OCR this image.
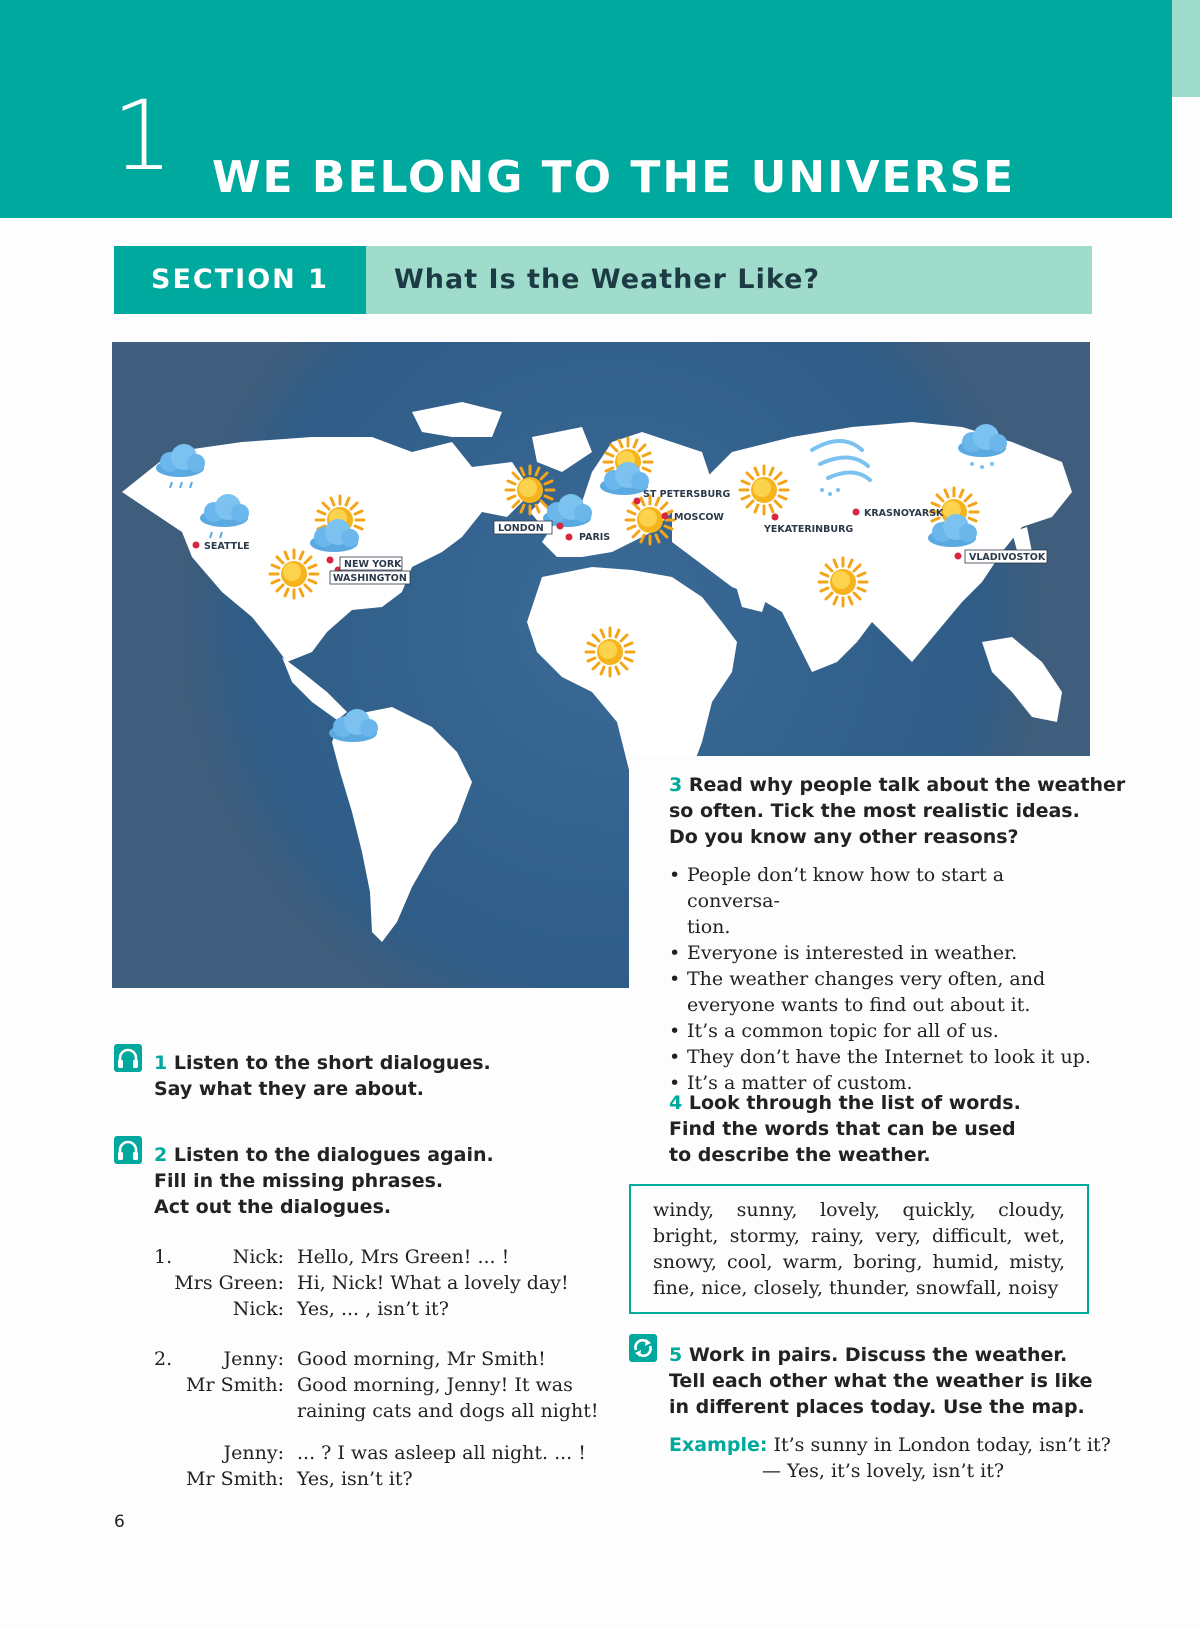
1 WE BELONG TO THE UNIVERSE
SECTION 1	What Is the Weather Like?
SEATTLE
NEW YORK
WASHINGTON
LONDON
PARIS
ST PETERSBURG
MOSCOW
YEKATERINBURG
KRASNOYARSK
VLADIVOSTOK
3 Read why people talk about the weather
so often. Tick the most realistic ideas.
Do you know any other reasons?
• People don’t know how to start a conversa-
tion.
• Everyone is interested in weather.
• The weather changes very often, and
everyone wants to find out about it.
• It’s a common topic for all of us.
• They don’t have the Internet to look it up.
• It’s a matter of custom.
4 Look through the list of words.
Find the words that can be used
to describe the weather.
windy, sunny, lovely, quickly, cloudy, bright, stormy, rainy, very, difficult, wet, snowy, cool, warm, boring, humid, misty, fine, nice, closely, thunder, snowfall, noisy
5 Work in pairs. Discuss the weather.
Tell each other what the weather is like
in different places today. Use the map.
Example: It’s sunny in London today, isn’t it?
— Yes, it’s lovely, isn’t it?
1 Listen to the short dialogues.
Say what they are about.
2 Listen to the dialogues again.
Fill in the missing phrases.
Act out the dialogues.
1.	Nick: Hello, Mrs Green! ... !
Mrs Green: Hi, Nick! What a lovely day!
Nick: Yes, ... , isn’t it?
2.	Jenny: Good morning, Mr Smith!
Mr Smith: Good morning, Jenny! It was
raining cats and dogs all night!
Jenny: ... ? I was asleep all night. ... !
Mr Smith: Yes, isn’t it?
6
